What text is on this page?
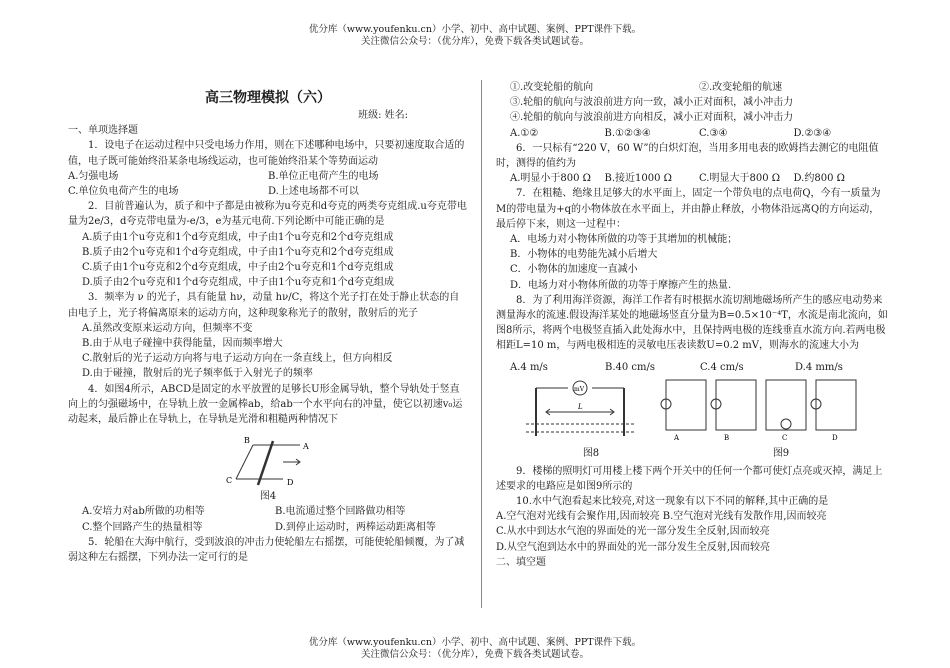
优分库（www.youfenku.cn）小学、初中、高中试题、案例、PPT课件下载。

关注微信公众号：（优分库），免费下载各类试题试卷。

高三物理模拟（六）

班级: 姓名:

一、单项选择题

1．设电子在运动过程中只受电场力作用，则在下述哪种电场中，只要初速度取合适的值，电子既可能始终沿某条电场线运动，也可能始终沿某个等势面运动

A.匀强电场	B.单位正电荷产生的电场
C.单位负电荷产生的电场	D.上述电场都不可以

2．目前普遍认为，质子和中子都是由被称为u夸克和d夸克的两类夸克组成.u夸克带电量为2e/3，d夸克带电量为-e/3，e为基元电荷.下列论断中可能正确的是

A.质子由1个u夸克和1个d夸克组成，中子由1个u夸克和2个d夸克组成

B.质子由2个u夸克和1个d夸克组成，中子由1个u夸克和2个d夸克组成

C.质子由1个u夸克和2个d夸克组成，中子由2个u夸克和1个d夸克组成

D.质子由2个u夸克和1个d夸克组成，中子由1个u夸克和1个d夸克组成

3．频率为 ν 的光子，具有能量 hν，动量 hν/C，将这个光子打在处于静止状态的自由电子上，光子将偏离原来的运动方向，这种现象称光子的散射，散射后的光子

A.虽然改变原来运动方向，但频率不变

B.由于从电子碰撞中获得能量，因而频率增大

C.散射后的光子运动方向将与电子运动方向在一条直线上，但方向相反

D.由于碰撞，散射后的光子频率低于入射光子的频率

4．如图4所示，ABCD是固定的水平放置的足够长U形金属导轨，整个导轨处于竖直向上的匀强磁场中，在导轨上放一金属棒ab，给ab一个水平向右的冲量，使它以初速v₀运动起来，最后静止在导轨上，在导轨是光滑和粗糙两种情况下

B
A
C	D

图4

A.安培力对ab所做的功相等	B.电流通过整个回路做功相等
C.整个回路产生的热量相等	D.到停止运动时，两棒运动距离相等

5．轮船在大海中航行，受到波浪的冲击力使轮船左右摇摆，可能使轮船倾覆，为了减弱这种左右摇摆，下列办法一定可行的是

①.改变轮船的航向	②.改变轮船的航速

③.轮船的航向与波浪前进方向一致，减小正对面积，减小冲击力

④.轮船的航向与波浪前进方向相反，减小正对面积，减小冲击力

A.①②	B.①②③④	C.③④	D.②③④

6．一只标有“220 V，60 W”的白炽灯泡，当用多用电表的欧姆挡去测它的电阻值时，测得的值约为

A.明显小于800 Ω	B.接近1000 Ω	C.明显大于800 Ω	D.约800 Ω

7．在粗糙、绝缘且足够大的水平面上，固定一个带负电的点电荷Q，今有一质量为M的带电量为+q的小物体放在水平面上，并由静止释放，小物体沿远离Q的方向运动，最后停下来，则这一过程中：

A．电场力对小物体所做的功等于其增加的机械能；

B．小物体的电势能先减小后增大

C．小物体的加速度一直减小

D．电场力对小物体所做的功等于摩擦产生的热量.

8．为了利用海洋资源，海洋工作者有时根据水流切割地磁场所产生的感应电动势来测量海水的流速.假设海洋某处的地磁场竖直分量为B=0.5×10⁻⁴T，水流是南北流向，如图8所示，将两个电极竖直插入此处海水中，且保持两电极的连线垂直水流方向.若两电极相距L=10 m，与两电极相连的灵敏电压表读数U=0.2 mV，则海水的流速大小为

A.4 m/s	B.40 cm/s	C.4 cm/s	D.4 mm/s
mV
L
A	B	C	D
图8	图9

9．楼梯的照明灯可用楼上楼下两个开关中的任何一个都可使灯点亮或灭掉，满足上述要求的电路应是如图9所示的

10.水中气泡看起来比较亮,对这一现象有以下不同的解释,其中正确的是

A.空气泡对光线有会聚作用,因而较亮 B.空气泡对光线有发散作用,因而较亮

C.从水中到达水气泡的界面处的光一部分发生全反射,因而较亮

D.从空气泡到达水中的界面处的光一部分发生全反射,因而较亮

二、填空题

优分库（www.youfenku.cn）小学、初中、高中试题、案例、PPT课件下载。

关注微信公众号：（优分库），免费下载各类试题试卷。
